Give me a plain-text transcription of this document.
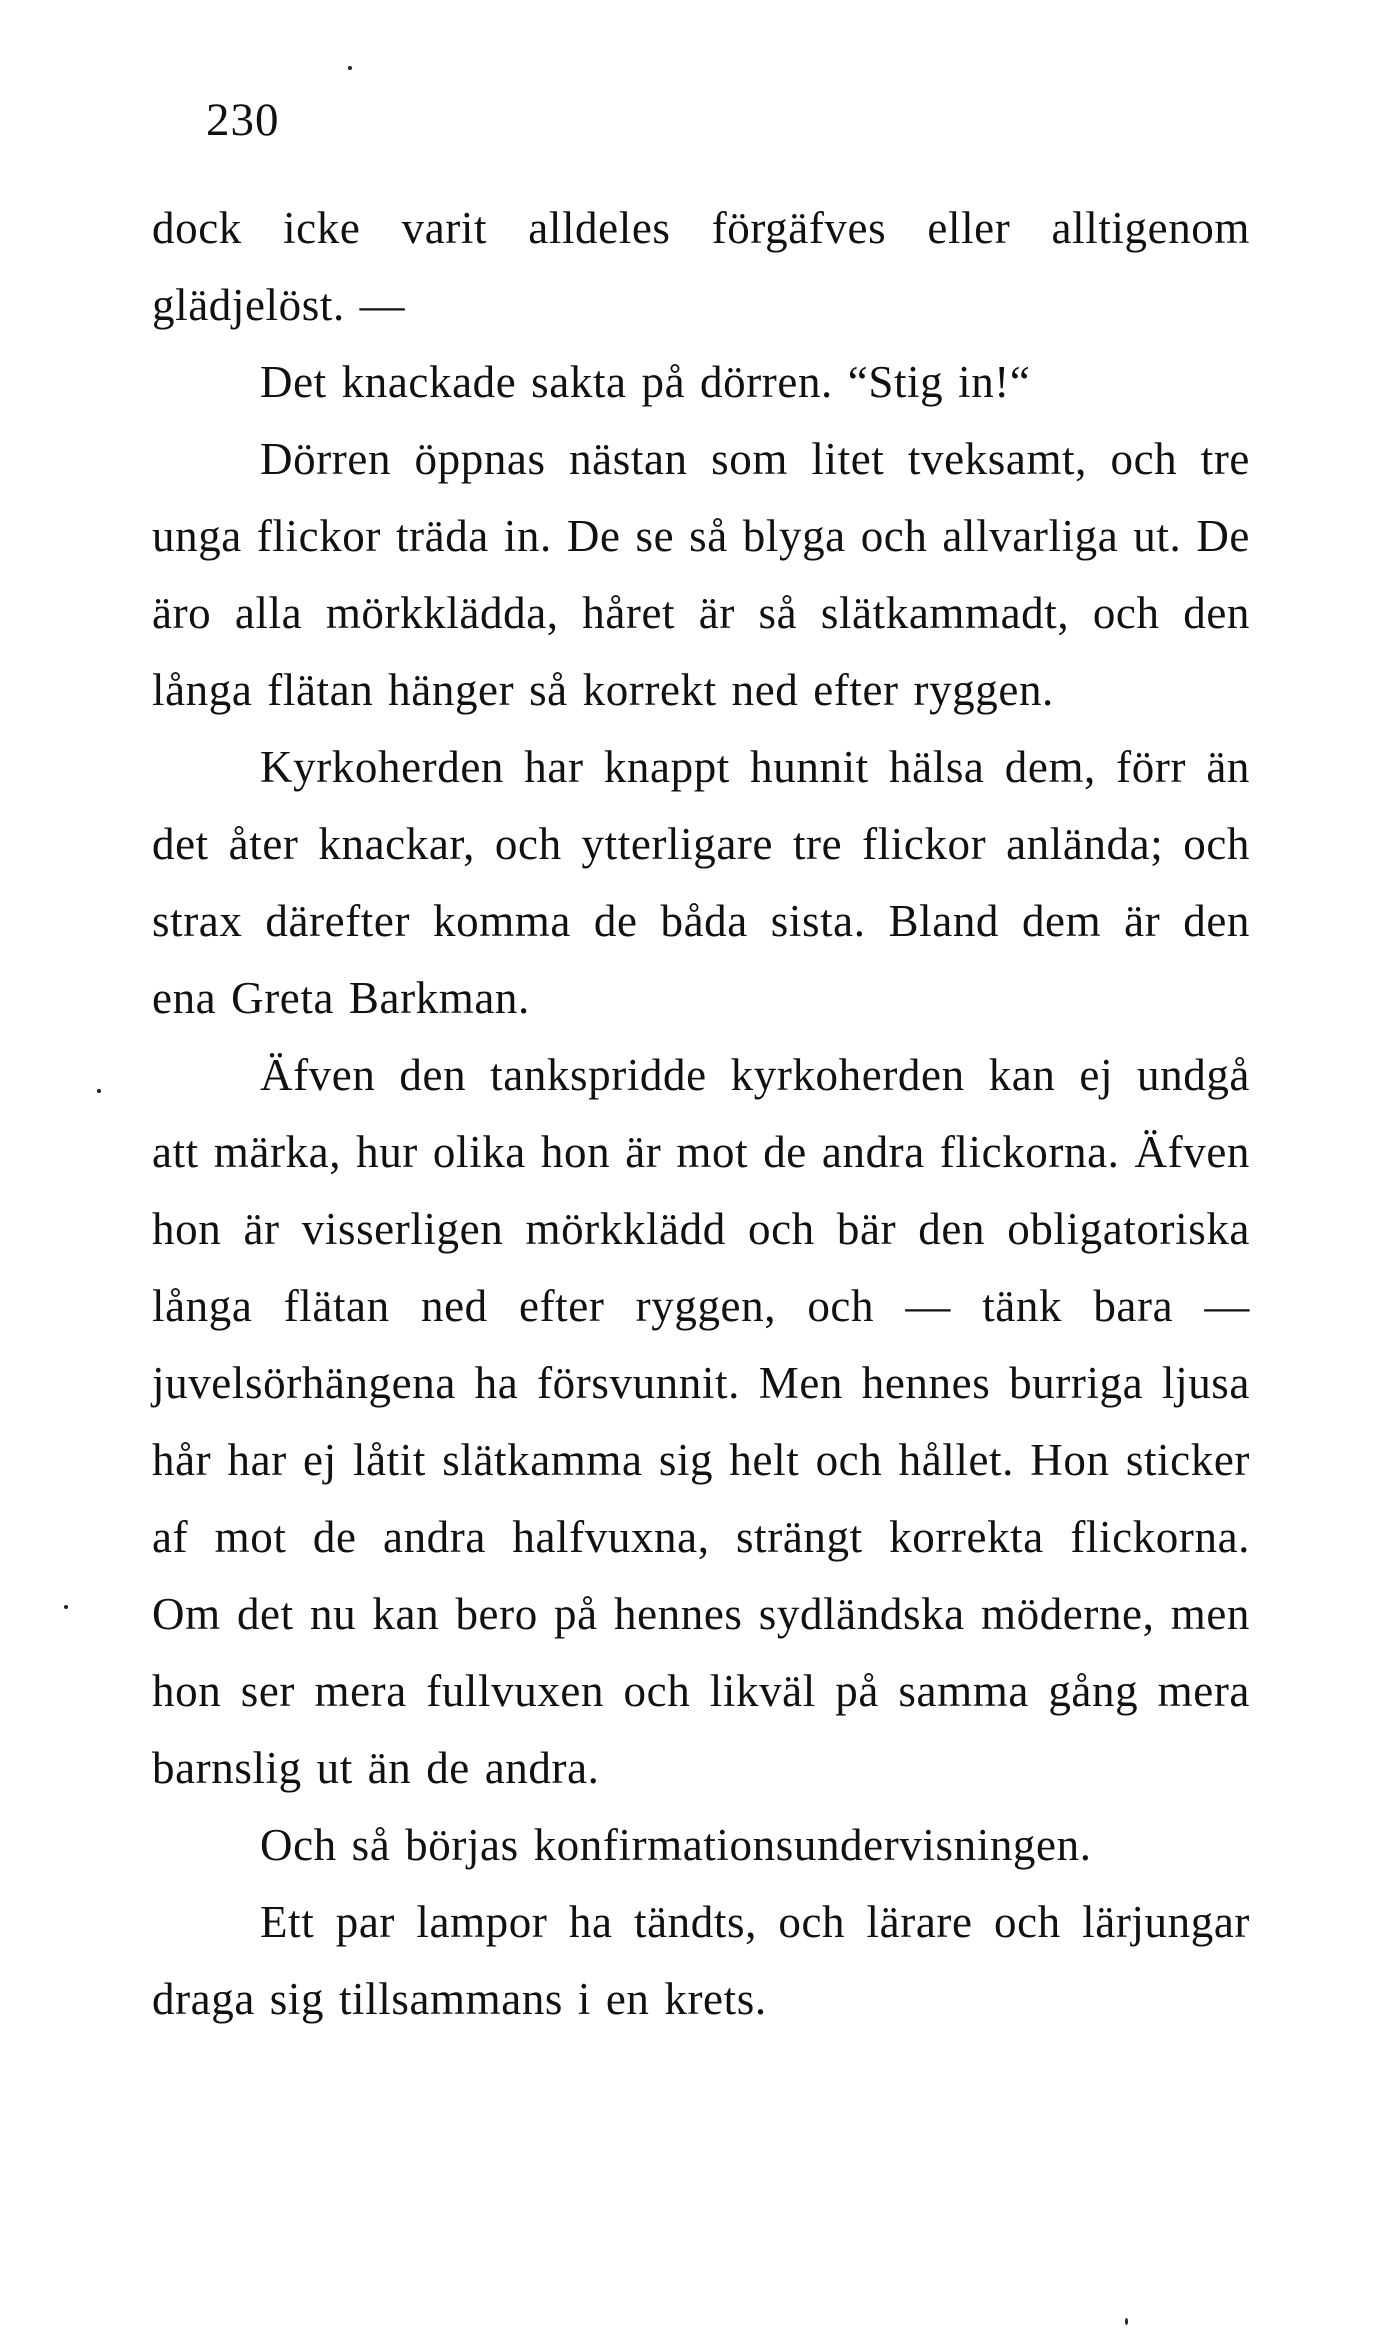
230

dock icke varit alldeles förgäfves eller alltigenom glädjelöst. —

Det knackade sakta på dörren. “Stig in!“

Dörren öppnas nästan som litet tveksamt, och tre unga flickor träda in. De se så blyga och allvarliga ut. De äro alla mörkklädda, håret är så slätkammadt, och den långa flätan hänger så korrekt ned efter ryggen.

Kyrkoherden har knappt hunnit hälsa dem, förr än det åter knackar, och ytterligare tre flickor anlända; och strax därefter komma de båda sista. Bland dem är den ena Greta Barkman.

Äfven den tankspridde kyrkoherden kan ej undgå att märka, hur olika hon är mot de andra flickorna. Äfven hon är visserligen mörkklädd och bär den obligatoriska långa flätan ned efter ryggen, och — tänk bara — juvelsörhängena ha försvunnit. Men hennes burriga ljusa hår har ej låtit slätkamma sig helt och hållet. Hon sticker af mot de andra halfvuxna, strängt korrekta flickorna. Om det nu kan bero på hennes sydländska möderne, men hon ser mera fullvuxen och likväl på samma gång mera barnslig ut än de andra.

Och så börjas konfirmationsundervisningen.

Ett par lampor ha tändts, och lärare och lärjungar draga sig tillsammans i en krets.
